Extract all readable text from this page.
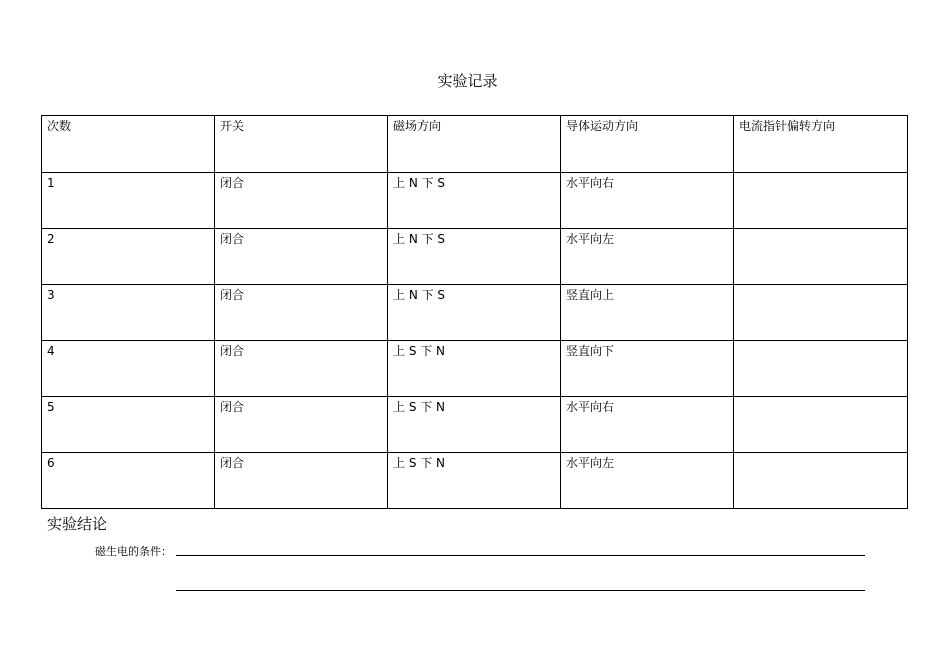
实验记录
次数	开关	磁场方向	导体运动方向	电流指针偏转方向
1	闭合	上 N 下 S	水平向右	
2	闭合	上 N 下 S	水平向左	
3	闭合	上 N 下 S	竖直向上	
4	闭合	上 S 下 N	竖直向下	
5	闭合	上 S 下 N	水平向右	
6	闭合	上 S 下 N	水平向左	
实验结论
磁生电的条件：
